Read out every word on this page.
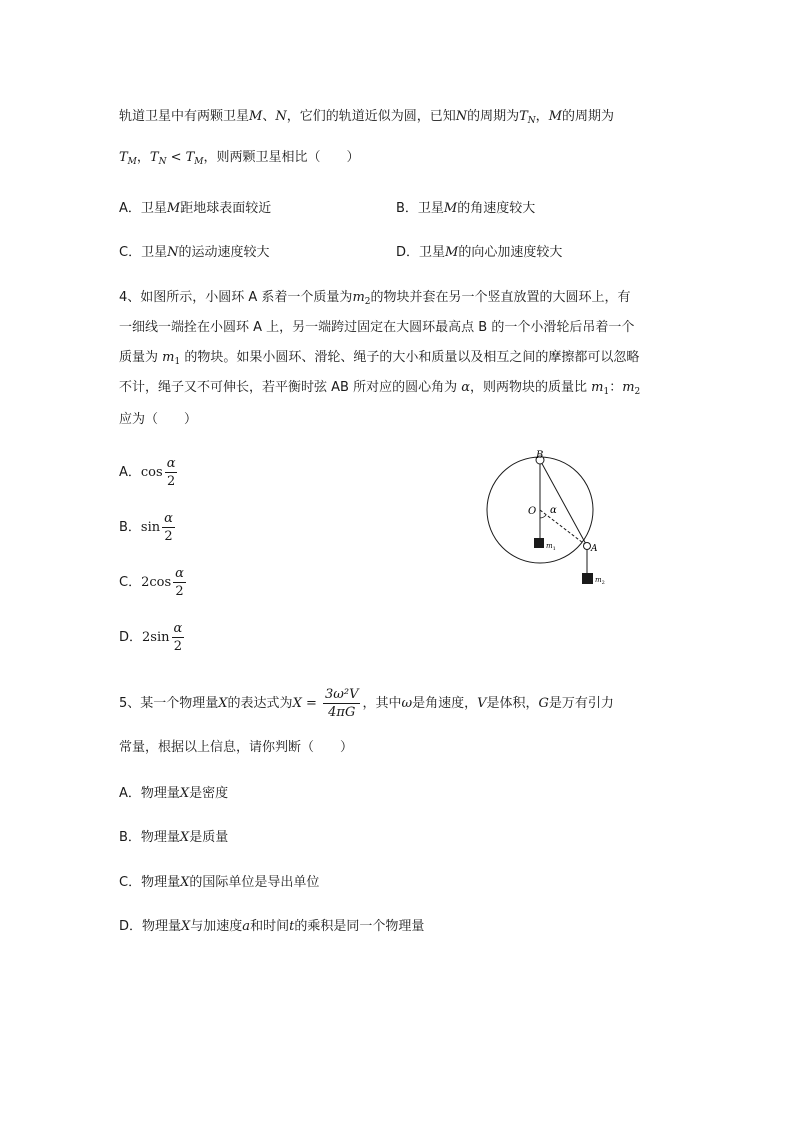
轨道卫星中有两颗卫星M、N，它们的轨道近似为圆，已知N的周期为$T_N$，M的周期为
$T_M$，$T_N < T_M$，则两颗卫星相比（　　）
A．卫星M距地球表面较近	B．卫星M的角速度较大
C．卫星N的运动速度较大	D．卫星M的向心加速度较大
4、如图所示，小圆环 A 系着一个质量为$m_2$的物块并套在另一个竖直放置的大圆环上，有
一细线一端拴在小圆环 A 上，另一端跨过固定在大圆环最高点 B 的一个小滑轮后吊着一个
质量为 $m_1$ 的物块。如果小圆环、滑轮、绳子的大小和质量以及相互之间的摩擦都可以忽略
不计，绳子又不可伸长，若平衡时弦 AB 所对应的圆心角为 α，则两物块的质量比 $m_1$：$m_2$
应为（　　）
A．$\cos \frac{\alpha}{2}$
B．$\sin \frac{\alpha}{2}$
C．$2\cos \frac{\alpha}{2}$
D．$2\sin \frac{\alpha}{2}$
B
O
A
α
$m_1$
$m_2$
5、某一个物理量X的表达式为$X = \frac{\text{3ω²V}}{4\pi G}$ ，其中ω是角速度，V是体积，G是万有引力
常量，根据以上信息，请你判断（　　）
A．物理量X是密度
B．物理量X是质量
C．物理量X的国际单位是导出单位
D．物理量X与加速度a和时间t的乘积是同一个物理量
